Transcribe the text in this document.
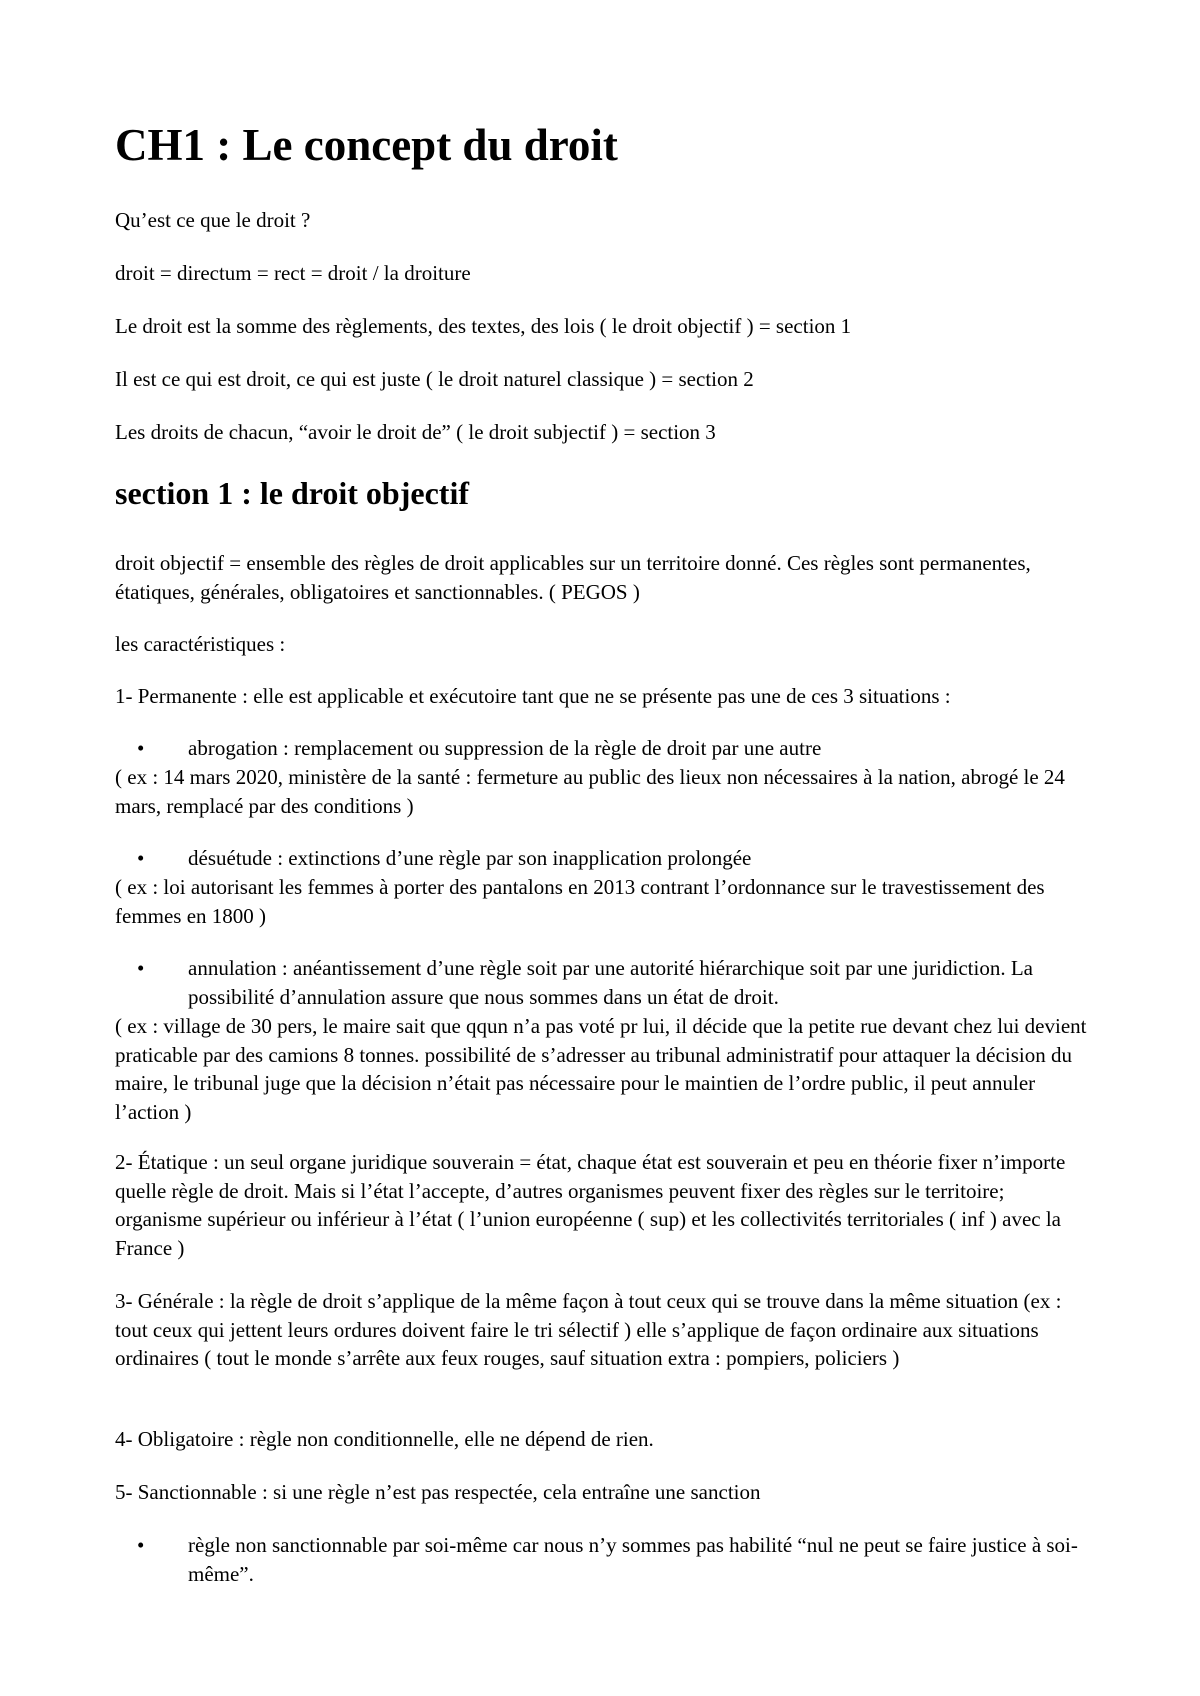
CH1 : Le concept du droit

Qu’est ce que le droit ?

droit = directum = rect = droit / la droiture

Le droit est la somme des règlements, des textes, des lois ( le droit objectif ) = section 1

Il est ce qui est droit, ce qui est juste ( le droit naturel classique ) = section 2

Les droits de chacun, “avoir le droit de” ( le droit subjectif ) = section 3

section 1 : le droit objectif

droit objectif = ensemble des règles de droit applicables sur un territoire donné. Ces règles sont permanentes, étatiques, générales, obligatoires et sanctionnables. ( PEGOS )

les caractéristiques :

1- Permanente : elle est applicable et exécutoire tant que ne se présente pas une de ces 3 situations :

• abrogation : remplacement ou suppression de la règle de droit par une autre

( ex : 14 mars 2020, ministère de la santé : fermeture au public des lieux non nécessaires à la nation, abrogé le 24 mars, remplacé par des conditions )

• désuétude : extinctions d’une règle par son inapplication prolongée

( ex : loi autorisant les femmes à porter des pantalons en 2013 contrant l’ordonnance sur le travestissement des femmes en 1800 )

• annulation : anéantissement d’une règle soit par une autorité hiérarchique soit par une juridiction. La possibilité d’annulation assure que nous sommes dans un état de droit.

( ex : village de 30 pers, le maire sait que qqun n’a pas voté pr lui, il décide que la petite rue devant chez lui devient praticable par des camions 8 tonnes. possibilité de s’adresser au tribunal administratif pour attaquer la décision du maire, le tribunal juge que la décision n’était pas nécessaire pour le maintien de l’ordre public, il peut annuler l’action )

2- Étatique : un seul organe juridique souverain = état, chaque état est souverain et peu en théorie fixer n’importe quelle règle de droit. Mais si l’état l’accepte, d’autres organismes peuvent fixer des règles sur le territoire; organisme supérieur ou inférieur à l’état ( l’union européenne ( sup) et les collectivités territoriales ( inf ) avec la France )

3- Générale : la règle de droit s’applique de la même façon à tout ceux qui se trouve dans la même situation (ex : tout ceux qui jettent leurs ordures doivent faire le tri sélectif ) elle s’applique de façon ordinaire aux situations ordinaires ( tout le monde s’arrête aux feux rouges, sauf situation extra : pompiers, policiers )

4- Obligatoire : règle non conditionnelle, elle ne dépend de rien.

5- Sanctionnable : si une règle n’est pas respectée, cela entraîne une sanction

• règle non sanctionnable par soi-même car nous n’y sommes pas habilité “nul ne peut se faire justice à soi-même”.
